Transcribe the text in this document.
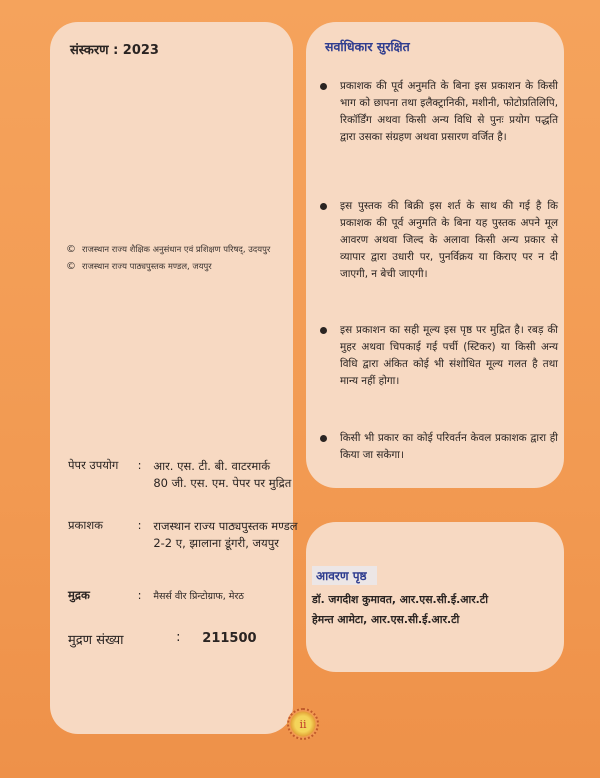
संस्करण : 2023
© राजस्थान राज्य शैक्षिक अनुसंधान एवं प्रशिक्षण परिषद्, उदयपुर
© राजस्थान राज्य पाठ्यपुस्तक मण्डल, जयपुर
पेपर उपयोग : आर. एस. टी. बी. वाटरमार्क
80 जी. एस. एम. पेपर पर मुद्रित
प्रकाशक	: राजस्थान राज्य पाठ्यपुस्तक मण्डल
2-2 ए, झालाना डूंगरी, जयपुर
मुद्रक	: मैसर्स वीर प्रिन्टोग्राफ, मेरठ
मुद्रण संख्या	: 211500
सर्वाधिकार सुरक्षित
प्रकाशक की पूर्व अनुमति के बिना इस प्रकाशन के किसी भाग को छापना तथा इलैक्ट्रानिकी, मशीनी, फोटोप्रतिलिपि, रिकॉर्डिंग अथवा किसी अन्य विधि से पुनः प्रयोग पद्धति द्वारा उसका संग्रहण अथवा प्रसारण वर्जित है।
इस पुस्तक की बिक्री इस शर्त के साथ की गई है कि प्रकाशक की पूर्व अनुमति के बिना यह पुस्तक अपने मूल आवरण अथवा जिल्द के अलावा किसी अन्य प्रकार से व्यापार द्वारा उधारी पर, पुनर्विक्रय या किराए पर न दी जाएगी, न बेची जाएगी।
इस प्रकाशन का सही मूल्य इस पृष्ठ पर मुद्रित है। रबड़ की मुहर अथवा चिपकाई गई पर्ची (स्टिकर) या किसी अन्य विधि द्वारा अंकित कोई भी संशोधित मूल्य गलत है तथा मान्य नहीं होगा।
किसी भी प्रकार का कोई परिवर्तन केवल प्रकाशक द्वारा ही किया जा सकेगा।
आवरण पृष्ठ
डॉ. जगदीश कुमावत, आर.एस.सी.ई.आर.टी
हेमन्त आमेटा, आर.एस.सी.ई.आर.टी
ii
